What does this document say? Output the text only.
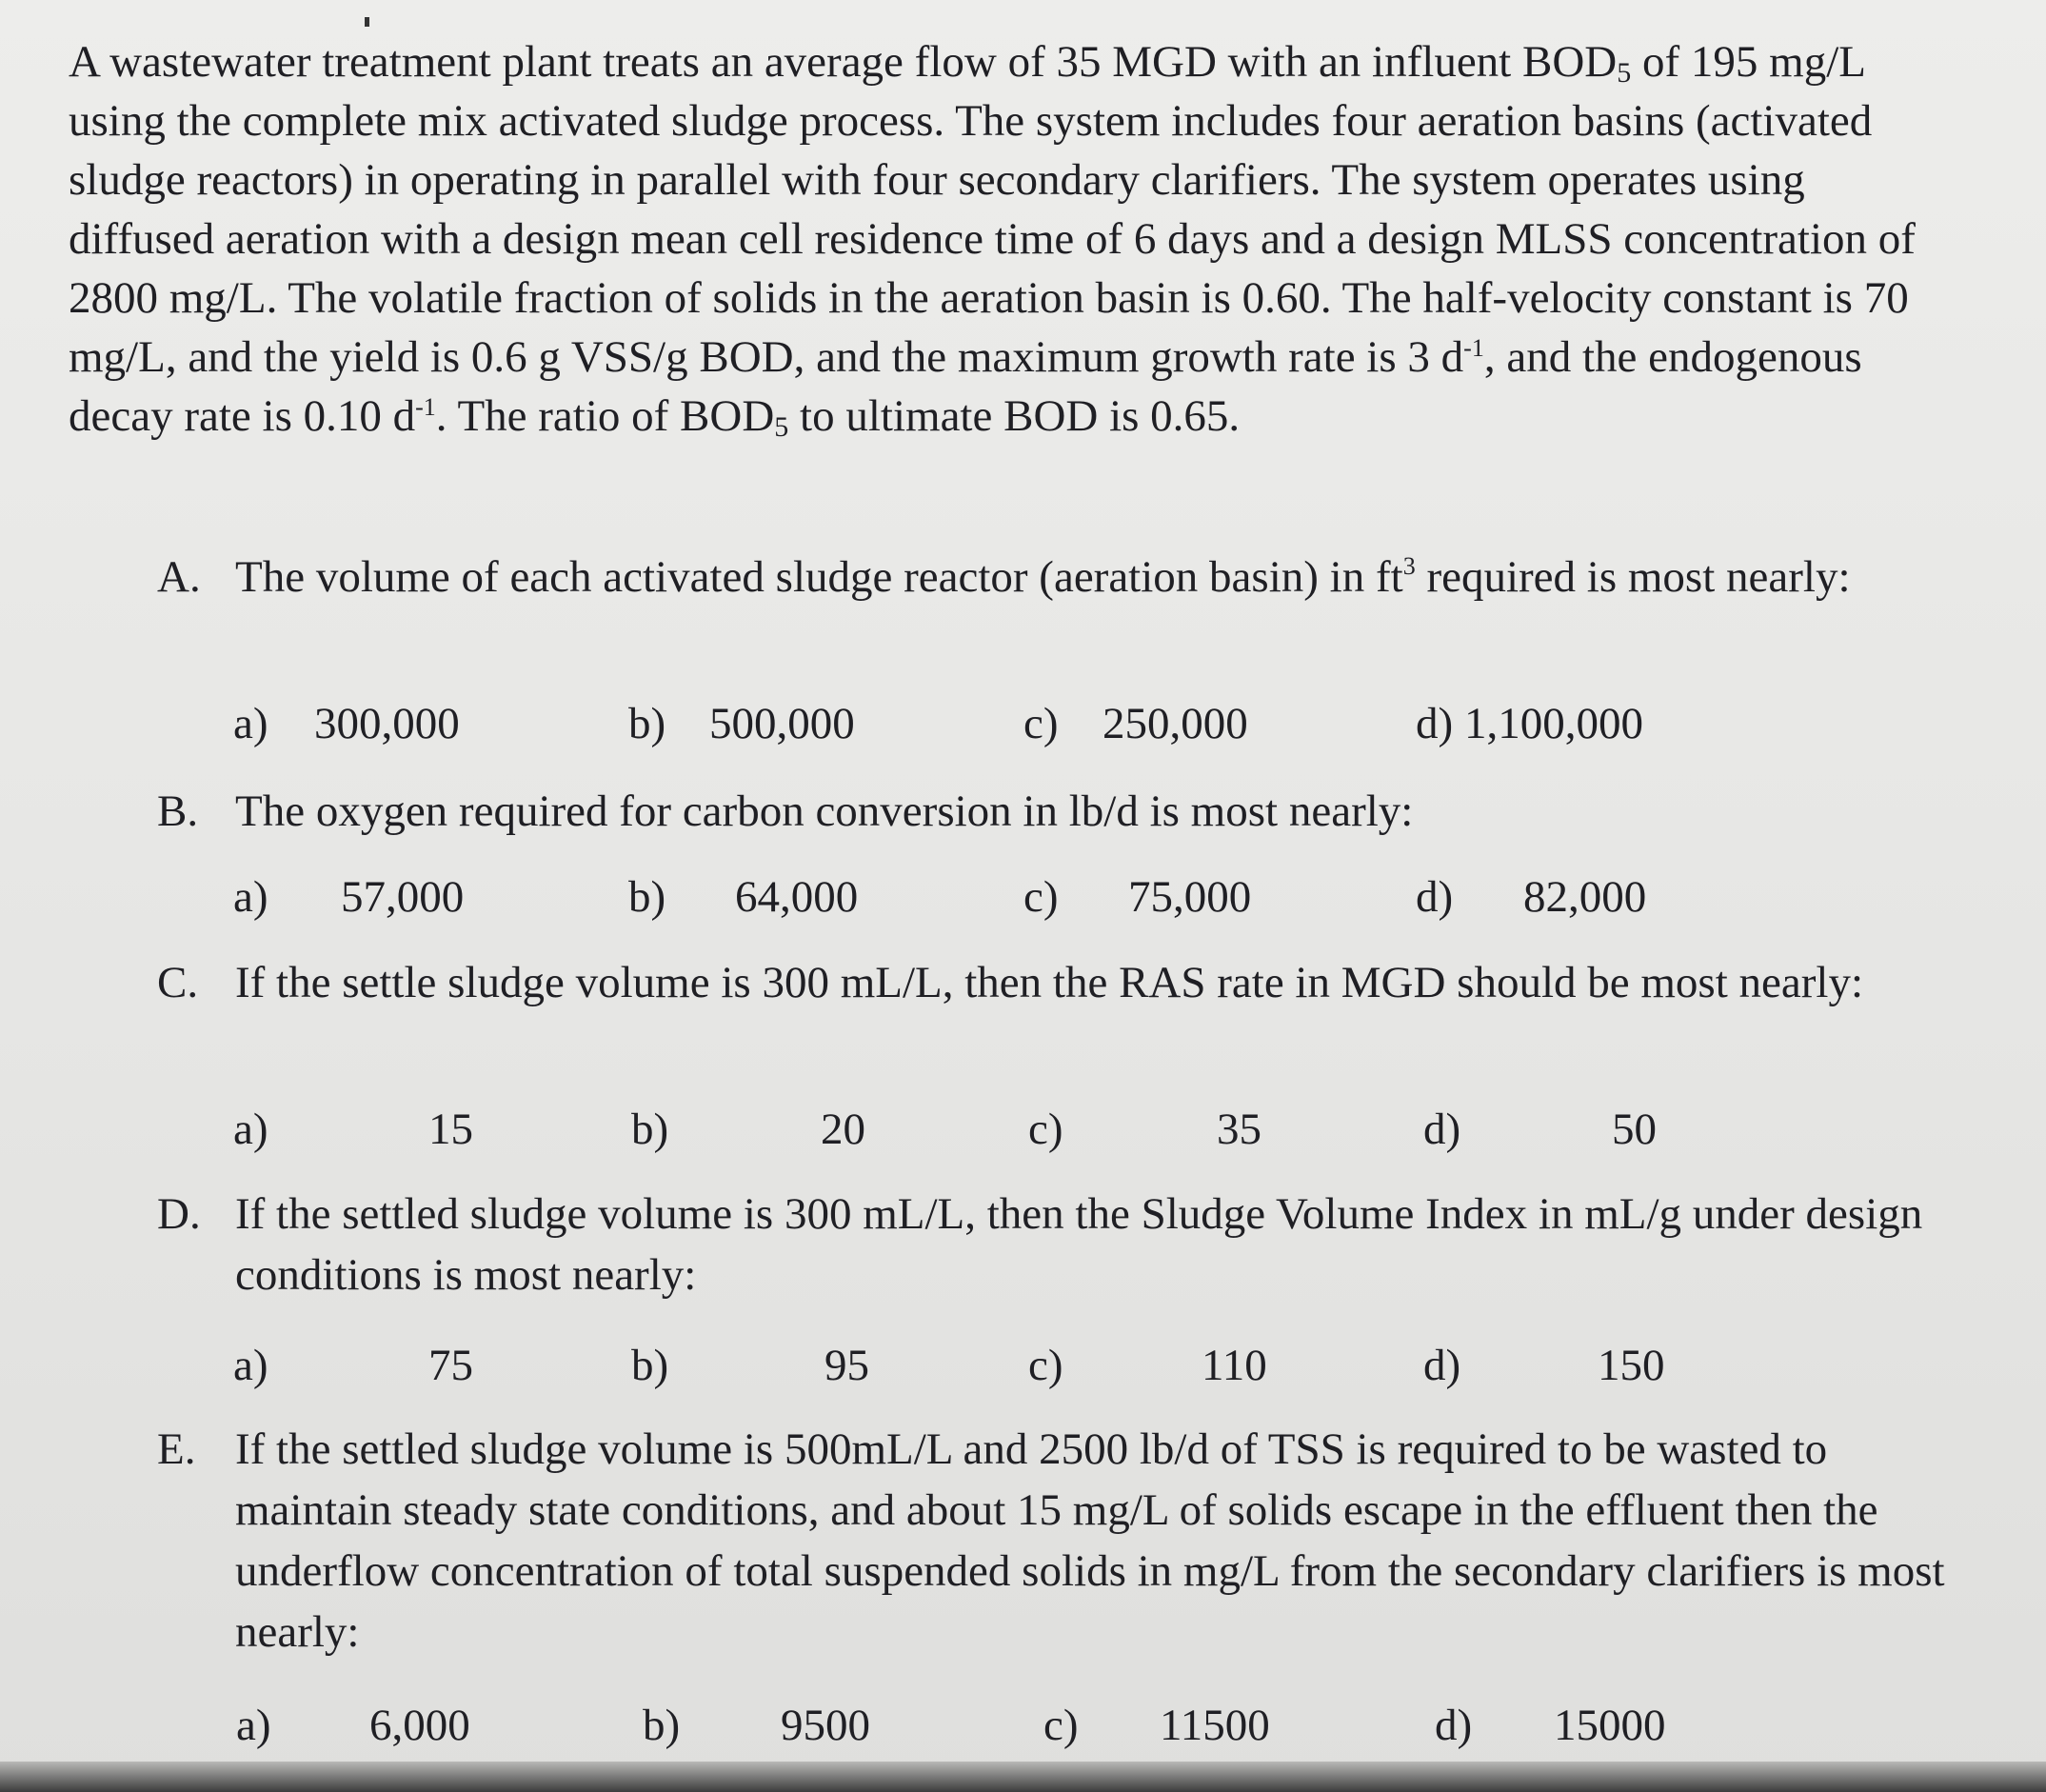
A wastewater treatment plant treats an average flow of 35 MGD with an influent $BOD_5$ of 195 mg/L using the complete mix activated sludge process. The system includes four aeration basins (activated sludge reactors) in operating in parallel with four secondary clarifiers. The system operates using diffused aeration with a design mean cell residence time of 6 days and a design MLSS concentration of 2800 mg/L. The volatile fraction of solids in the aeration basin is 0.60. The half-velocity constant is 70 mg/L, and the yield is 0.6 g VSS/g BOD, and the maximum growth rate is 3 $d^{-1}$, and the endogenous decay rate is 0.10 $d^{-1}$. The ratio of $BOD_5$ to ultimate BOD is 0.65.

A. The volume of each activated sludge reactor (aeration basin) in $ft^3$ required is most nearly:
a) 300,000	b) 500,000	c) 250,000	d) 1,100,000
B. The oxygen required for carbon conversion in lb/d is most nearly:
a) 57,000	b) 64,000	c) 75,000	d) 82,000
C. If the settle sludge volume is 300 mL/L, then the RAS rate in MGD should be most nearly:
a)	15	b)	20	c)	35	d)	50
D. If the settled sludge volume is 300 mL/L, then the Sludge Volume Index in mL/g under design conditions is most nearly:
a)	75	b)	95	c)	110	d)	150
E. If the settled sludge volume is 500mL/L and 2500 lb/d of TSS is required to be wasted to maintain steady state conditions, and about 15 mg/L of solids escape in the effluent then the underflow concentration of total suspended solids in mg/L from the secondary clarifiers is most nearly:
a) 6,000	b) 9500	c) 11500	d) 15000
